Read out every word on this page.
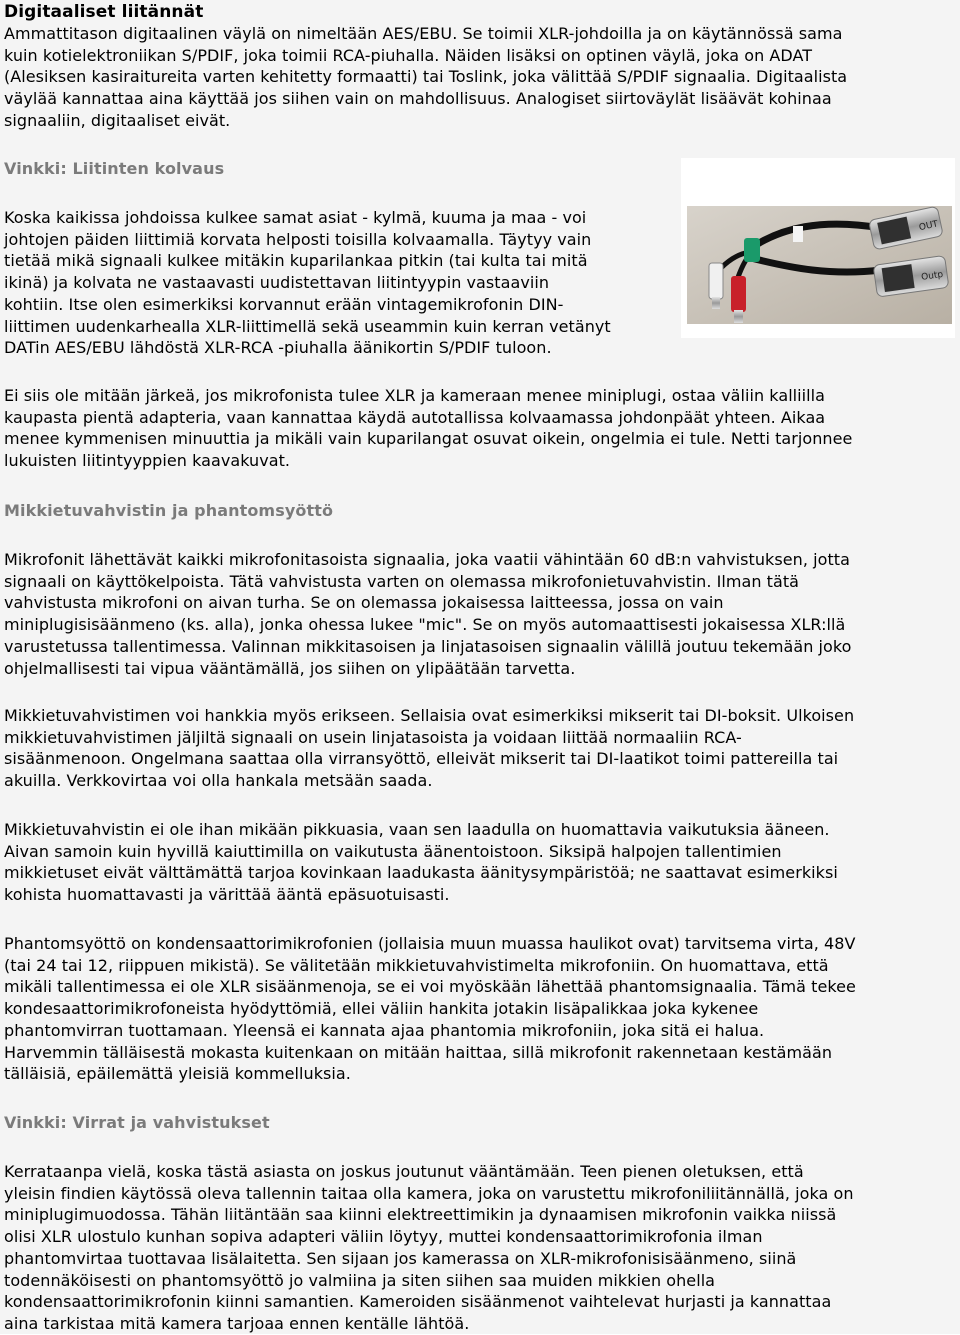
Digitaaliset liitännät
Ammattitason digitaalinen väylä on nimeltään AES/EBU. Se toimii XLR-johdoilla ja on käytännössä sama
kuin kotielektroniikan S/PDIF, joka toimii RCA-piuhalla. Näiden lisäksi on optinen väylä, joka on ADAT
(Alesiksen kasiraitureita varten kehitetty formaatti) tai Toslink, joka välittää S/PDIF signaalia. Digitaalista
väylää kannattaa aina käyttää jos siihen vain on mahdollisuus. Analogiset siirtoväylät lisäävät kohinaa
signaaliin, digitaaliset eivät.
Vinkki: Liitinten kolvaus
Koska kaikissa johdoissa kulkee samat asiat - kylmä, kuuma ja maa - voi
johtojen päiden liittimiä korvata helposti toisilla kolvaamalla. Täytyy vain
tietää mikä signaali kulkee mitäkin kuparilankaa pitkin (tai kulta tai mitä
ikinä) ja kolvata ne vastaavasti uudistettavan liitintyypin vastaaviin
kohtiin. Itse olen esimerkiksi korvannut erään vintagemikrofonin DIN-
liittimen uudenkarhealla XLR-liittimellä sekä useammin kuin kerran vetänyt
DATin AES/EBU lähdöstä XLR-RCA -piuhalla äänikortin S/PDIF tuloon.
OUT
Outp
Ei siis ole mitään järkeä, jos mikrofonista tulee XLR ja kameraan menee miniplugi, ostaa väliin kalliilla
kaupasta pientä adapteria, vaan kannattaa käydä autotallissa kolvaamassa johdonpäät yhteen. Aikaa
menee kymmenisen minuuttia ja mikäli vain kuparilangat osuvat oikein, ongelmia ei tule. Netti tarjonnee
lukuisten liitintyyppien kaavakuvat.
Mikkietuvahvistin ja phantomsyöttö
Mikrofonit lähettävät kaikki mikrofonitasoista signaalia, joka vaatii vähintään 60 dB:n vahvistuksen, jotta
signaali on käyttökelpoista. Tätä vahvistusta varten on olemassa mikrofonietuvahvistin. Ilman tätä
vahvistusta mikrofoni on aivan turha. Se on olemassa jokaisessa laitteessa, jossa on vain
miniplugisisäänmeno (ks. alla), jonka ohessa lukee "mic". Se on myös automaattisesti jokaisessa XLR:llä
varustetussa tallentimessa. Valinnan mikkitasoisen ja linjatasoisen signaalin välillä joutuu tekemään joko
ohjelmallisesti tai vipua vääntämällä, jos siihen on ylipäätään tarvetta.
Mikkietuvahvistimen voi hankkia myös erikseen. Sellaisia ovat esimerkiksi mikserit tai DI-boksit. Ulkoisen
mikkietuvahvistimen jäljiltä signaali on usein linjatasoista ja voidaan liittää normaaliin RCA-
sisäänmenoon. Ongelmana saattaa olla virransyöttö, elleivät mikserit tai DI-laatikot toimi pattereilla tai
akuilla. Verkkovirtaa voi olla hankala metsään saada.
Mikkietuvahvistin ei ole ihan mikään pikkuasia, vaan sen laadulla on huomattavia vaikutuksia ääneen.
Aivan samoin kuin hyvillä kaiuttimilla on vaikutusta äänentoistoon. Siksipä halpojen tallentimien
mikkietuset eivät välttämättä tarjoa kovinkaan laadukasta äänitysympäristöä; ne saattavat esimerkiksi
kohista huomattavasti ja värittää ääntä epäsuotuisasti.
Phantomsyöttö on kondensaattorimikrofonien (jollaisia muun muassa haulikot ovat) tarvitsema virta, 48V
(tai 24 tai 12, riippuen mikistä). Se välitetään mikkietuvahvistimelta mikrofoniin. On huomattava, että
mikäli tallentimessa ei ole XLR sisäänmenoja, se ei voi myöskään lähettää phantomsignaalia. Tämä tekee
kondesaattorimikrofoneista hyödyttömiä, ellei väliin hankita jotakin lisäpalikkaa joka kykenee
phantomvirran tuottamaan. Yleensä ei kannata ajaa phantomia mikrofoniin, joka sitä ei halua.
Harvemmin tälläisestä mokasta kuitenkaan on mitään haittaa, sillä mikrofonit rakennetaan kestämään
tälläisiä, epäilemättä yleisiä kommelluksia.
Vinkki: Virrat ja vahvistukset
Kerrataanpa vielä, koska tästä asiasta on joskus joutunut vääntämään. Teen pienen oletuksen, että
yleisin findien käytössä oleva tallennin taitaa olla kamera, joka on varustettu mikrofoniliitännällä, joka on
miniplugimuodossa. Tähän liitäntään saa kiinni elektreettimikin ja dynaamisen mikrofonin vaikka niissä
olisi XLR ulostulo kunhan sopiva adapteri väliin löytyy, muttei kondensaattorimikrofonia ilman
phantomvirtaa tuottavaa lisälaitetta. Sen sijaan jos kamerassa on XLR-mikrofonisisäänmeno, siinä
todennäköisesti on phantomsyöttö jo valmiina ja siten siihen saa muiden mikkien ohella
kondensaattorimikrofonin kiinni samantien. Kameroiden sisäänmenot vaihtelevat hurjasti ja kannattaa
aina tarkistaa mitä kamera tarjoaa ennen kentälle lähtöä.
